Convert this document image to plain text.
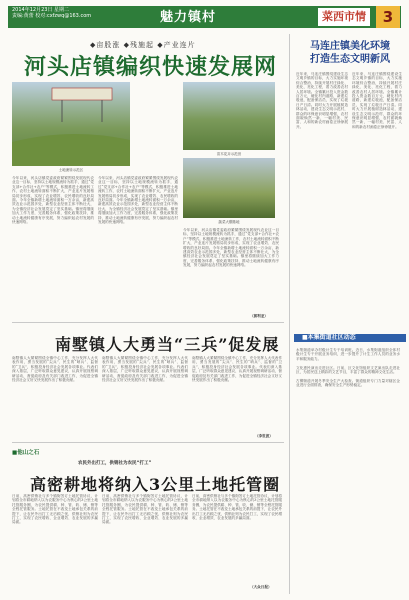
2014年12月23日 星期二
责编:黄蕾 校对:cxfzwq@163.com	魅力镇村	菜西市情	3
◆亩股涨 ◆残施起 ◆产业连片
河头店镇编织快速发展网
土地流转示范区
苗木花卉示范田
蔬菜大棚基地
今年以来，河头店镇党委政府紧紧围绕发展现代农业这一目标，坚持以土地规模流转为抓手，通过“党支部+合作社+农户”等模式，积极推进土地流转工作，农村土地流转面积不断扩大，产业连片发展格局初步形成，实现了农业增效、农民增收的良好局面。今年全镇新增土地流转面积一万余亩，新建高效农业示范园多处，新型农业经营主体不断壮大，为全镇经济社会发展奠定了坚实基础。镇里将继续加大工作力度，完善服务体系，强化政策扶持，推动土地流转健康有序发展，努力编织起农村发展的快速网络。
今年以来，河头店镇党委政府紧紧围绕发展现代农业这一目标，坚持以土地规模流转为抓手，通过“党支部+合作社+农户”等模式，积极推进土地流转工作，农村土地流转面积不断扩大，产业连片发展格局初步形成，实现了农业增效、农民增收的良好局面。今年全镇新增土地流转面积一万余亩，新建高效农业示范园多处，新型农业经营主体不断壮大，为全镇经济社会发展奠定了坚实基础。镇里将继续加大工作力度，完善服务体系，强化政策扶持，推动土地流转健康有序发展，努力编织起农村发展的快速网络。
今年以来，河头店镇党委政府紧紧围绕发展现代农业这一目标，坚持以土地规模流转为抓手，通过“党支部+合作社+农户”等模式，积极推进土地流转工作，农村土地流转面积不断扩大，产业连片发展格局初步形成，实现了农业增效、农民增收的良好局面。今年全镇新增土地流转面积一万余亩，新建高效农业示范园多处，新型农业经营主体不断壮大，为全镇经济社会发展奠定了坚实基础。镇里将继续加大工作力度，完善服务体系，强化政策扶持，推动土地流转健康有序发展，努力编织起农村发展的快速网络。
（郭利亚）
南墅镇人大勇当“三兵”促发展
南墅镇人大紧紧围绕全镇中心工作，充分发挥人大代表作用，勇当发展的“尖兵”、民生的“哨兵”、监督的“卫兵”，积极投身经济社会发展各项事业。代表们深入基层，广泛听取群众意见建议，认真开展视察调研活动，督促政府及有关部门改进工作，为促进全镇经济社会又好又快发展作出了积极贡献。
南墅镇人大紧紧围绕全镇中心工作，充分发挥人大代表作用，勇当发展的“尖兵”、民生的“哨兵”、监督的“卫兵”，积极投身经济社会发展各项事业。代表们深入基层，广泛听取群众意见建议，认真开展视察调研活动，督促政府及有关部门改进工作，为促进全镇经济社会又好又快发展作出了积极贡献。
南墅镇人大紧紧围绕全镇中心工作，充分发挥人大代表作用，勇当发展的“尖兵”、民生的“哨兵”、监督的“卫兵”，积极投身经济社会发展各项事业。代表们深入基层，广泛听取群众意见建议，认真开展视察调研活动，督促政府及有关部门改进工作，为促进全镇经济社会又好又快发展作出了积极贡献。
（李世波）
■他山之石
农民外出打工，供销社为农民“打工”
高密耕地将纳入3公里土地托管圈
日前，高密供销社与多个镇街签订土地托管协议，计划将全市耕地纳入以为农服务中心为核心的3公里土地托管服务圈，为农民提供耕、种、管、收、储、销等全程托管服务。土地托管在不改变土地承包关系的前提下，让农民外出打工无后顾之忧，供销社则为农民打工，实现了农民增收、企业增效、农业发展的多赢局面。
日前，高密供销社与多个镇街签订土地托管协议，计划将全市耕地纳入以为农服务中心为核心的3公里土地托管服务圈，为农民提供耕、种、管、收、储、销等全程托管服务。土地托管在不改变土地承包关系的前提下，让农民外出打工无后顾之忧，供销社则为农民打工，实现了农民增收、企业增效、农业发展的多赢局面。
日前，高密供销社与多个镇街签订土地托管协议，计划将全市耕地纳入以为农服务中心为核心的3公里土地托管服务圈，为农民提供耕、种、管、收、储、销等全程托管服务。土地托管在不改变土地承包关系的前提下，让农民外出打工无后顾之忧，供销社则为农民打工，实现了农民增收、企业增效、农业发展的多赢局面。
（大众日报）
马连庄镇美化环境
打造生态文明新风
近年来，马连庄镇围绕建设生态文明乡镇的目标，大力实施环境综合整治，持续开展村庄绿化、美化、亮化工程，着力改善农村人居环境。全镇累计投入资金数百万元，硬化村内道路，新建垃圾池，配备保洁员，实现了垃圾日产日清。同时大力开展植树造林活动，建设生态文明示范村，群众的环保意识明显增强，农村面貌焕然一新，一幅村美、民富、人和的新农村画卷正徐徐展开。
近年来，马连庄镇围绕建设生态文明乡镇的目标，大力实施环境综合整治，持续开展村庄绿化、美化、亮化工程，着力改善农村人居环境。全镇累计投入资金数百万元，硬化村内道路，新建垃圾池，配备保洁员，实现了垃圾日产日清。同时大力开展植树造林活动，建设生态文明示范村，群众的环保意识明显增强，农村面貌焕然一新，一幅村美、民富、人和的新农村画卷正徐徐展开。
■本集街道社区动态
水集街道举办村级计生专干培训班。近日，水集街道组织全体村级计生专干开展业务培训，进一步提升了计生工作人员的业务水平和服务能力。

文化惠民演出走进社区。日前，区文化馆组织文艺演出队走进社区，为居民送上精彩的文艺节目，丰富了群众的精神文化生活。

古柳街道开展冬季安全生产大检查。街道组织专门力量对辖区企业进行全面排查，确保安全生产形势稳定。
